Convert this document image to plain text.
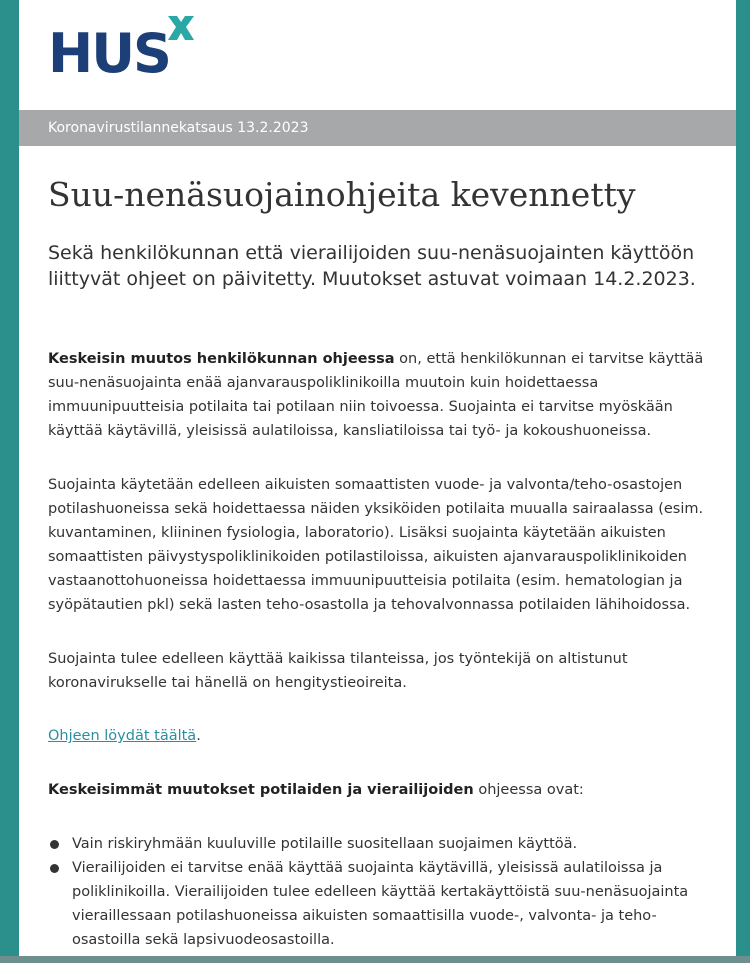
HUS
Koronavirustilannekatsaus 13.2.2023
Suu-nenäsuojainohjeita kevennetty

Sekä henkilökunnan että vierailijoiden suu-nenäsuojainten käyttöön liittyvät ohjeet on päivitetty. Muutokset astuvat voimaan 14.2.2023.

Keskeisin muutos henkilökunnan ohjeessa on, että henkilökunnan ei tarvitse käyttää suu-nenäsuojainta enää ajanvarauspoliklinikoilla muutoin kuin hoidettaessa immuunipuutteisia potilaita tai potilaan niin toivoessa. Suojainta ei tarvitse myöskään käyttää käytävillä, yleisissä aulatiloissa, kansliatiloissa tai työ- ja kokoushuoneissa.

Suojainta käytetään edelleen aikuisten somaattisten vuode- ja valvonta/teho-osastojen potilashuoneissa sekä hoidettaessa näiden yksiköiden potilaita muualla sairaalassa (esim. kuvantaminen, kliininen fysiologia, laboratorio). Lisäksi suojainta käytetään aikuisten somaattisten päivystyspoliklinikoiden potilastiloissa, aikuisten ajanvarauspoliklinikoiden vastaanottohuoneissa hoidettaessa immuunipuutteisia potilaita (esim. hematologian ja syöpätautien pkl) sekä lasten teho-osastolla ja tehovalvonnassa potilaiden lähihoidossa.

Suojainta tulee edelleen käyttää kaikissa tilanteissa, jos työntekijä on altistunut koronavirukselle tai hänellä on hengitystieoireita.

Ohjeen löydät täältä.

Keskeisimmät muutokset potilaiden ja vierailijoiden ohjeessa ovat:

Vain riskiryhmään kuuluville potilaille suositellaan suojaimen käyttöä.
Vierailijoiden ei tarvitse enää käyttää suojainta käytävillä, yleisissä aulatiloissa ja poliklinikoilla. Vierailijoiden tulee edelleen käyttää kertakäyttöistä suu-nenäsuojainta vieraillessaan potilashuoneissa aikuisten somaattisilla vuode-, valvonta- ja teho-osastoilla sekä lapsivuodeosastoilla.
